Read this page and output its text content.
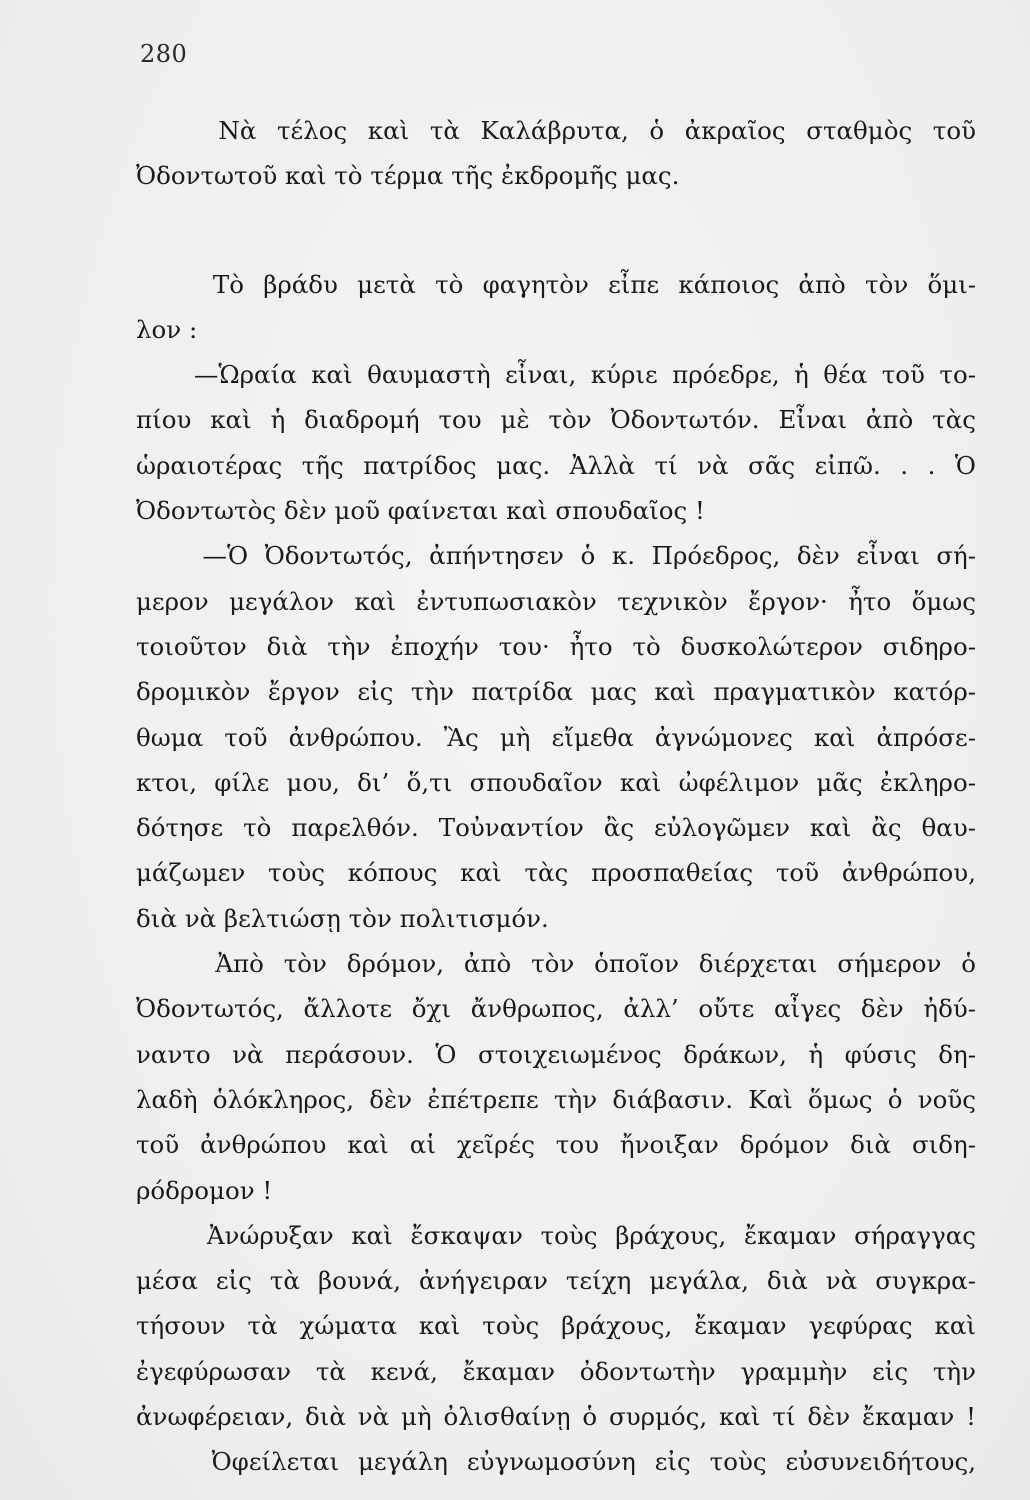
280
Νὰ τέλος καὶ τὰ Καλάβρυτα, ὁ ἀκραῖος σταθμὸς τοῦ
Ὀδοντωτοῦ καὶ τὸ τέρμα τῆς ἐκδρομῆς μας.
Τὸ βράδυ μετὰ τὸ φαγητὸν εἶπε κάποιος ἀπὸ τὸν ὅμι-
λον :
—Ὡραία καὶ θαυμαστὴ εἶναι, κύριε πρόεδρε, ἡ θέα τοῦ το-
πίου καὶ ἡ διαδρομή του μὲ τὸν Ὀδοντωτόν. Εἶναι ἀπὸ τὰς
ὡραιοτέρας τῆς πατρίδος μας. Ἀλλὰ τί νὰ σᾶς εἰπῶ. . . Ὁ
Ὀδοντωτὸς δὲν μοῦ φαίνεται καὶ σπουδαῖος !
—Ὁ Ὀδοντωτός, ἀπήντησεν ὁ κ. Πρόεδρος, δὲν εἶναι σή-
μερον μεγάλον καὶ ἐντυπωσιακὸν τεχνικὸν ἔργον· ἦτο ὅμως
τοιοῦτον διὰ τὴν ἐποχήν του· ἦτο τὸ δυσκολώτερον σιδηρο-
δρομικὸν ἔργον εἰς τὴν πατρίδα μας καὶ πραγματικὸν κατόρ-
θωμα τοῦ ἀνθρώπου. Ἂς μὴ εἴμεθα ἀγνώμονες καὶ ἀπρόσε-
κτοι, φίλε μου, δι’ ὅ,τι σπουδαῖον καὶ ὠφέλιμον μᾶς ἐκληρο-
δότησε τὸ παρελθόν. Τοὐναντίον ἂς εὐλογῶμεν καὶ ἂς θαυ-
μάζωμεν τοὺς κόπους καὶ τὰς προσπαθείας τοῦ ἀνθρώπου,
διὰ νὰ βελτιώσῃ τὸν πολιτισμόν.
Ἀπὸ τὸν δρόμον, ἀπὸ τὸν ὁποῖον διέρχεται σήμερον ὁ
Ὀδοντωτός, ἄλλοτε ὄχι ἄνθρωπος, ἀλλ’ οὔτε αἶγες δὲν ἠδύ-
ναντο νὰ περάσουν. Ὁ στοιχειωμένος δράκων, ἡ φύσις δη-
λαδὴ ὁλόκληρος, δὲν ἐπέτρεπε τὴν διάβασιν. Καὶ ὅμως ὁ νοῦς
τοῦ ἀνθρώπου καὶ αἱ χεῖρές του ἤνοιξαν δρόμον διὰ σιδη-
ρόδρομον !
Ἀνώρυξαν καὶ ἔσκαψαν τοὺς βράχους, ἔκαμαν σήραγγας
μέσα εἰς τὰ βουνά, ἀνήγειραν τείχη μεγάλα, διὰ νὰ συγκρα-
τήσουν τὰ χώματα καὶ τοὺς βράχους, ἔκαμαν γεφύρας καὶ
ἐγεφύρωσαν τὰ κενά, ἔκαμαν ὀδοντωτὴν γραμμὴν εἰς τὴν
ἀνωφέρειαν, διὰ νὰ μὴ ὀλισθαίνῃ ὁ συρμός, καὶ τί δὲν ἔκαμαν !
Ὀφείλεται μεγάλη εὐγνωμοσύνη εἰς τοὺς εὐσυνειδήτους,
